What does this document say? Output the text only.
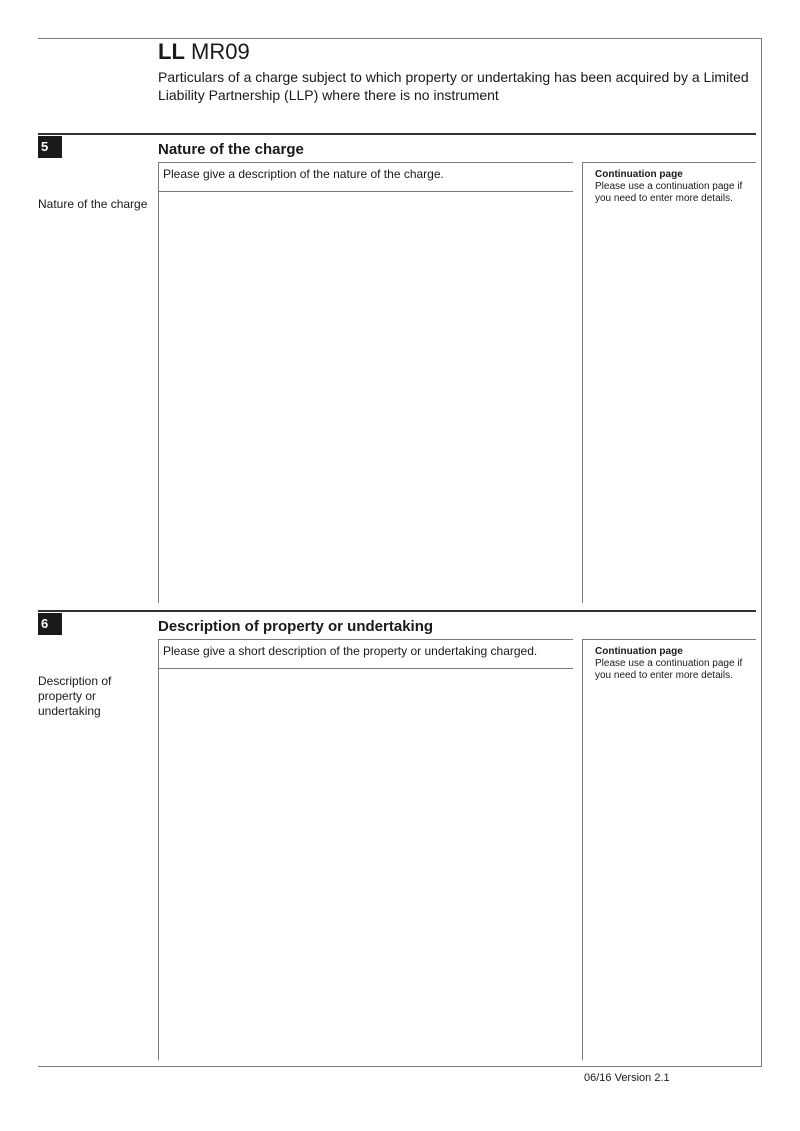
LL MR09
Particulars of a charge subject to which property or undertaking has been acquired by a Limited Liability Partnership (LLP) where there is no instrument
5	Nature of the charge
Please give a description of the nature of the charge.
Nature of the charge
Continuation page
Please use a continuation page if you need to enter more details.
6	Description of property or undertaking
Please give a short description of the property or undertaking charged.
Description of property or undertaking
Continuation page
Please use a continuation page if you need to enter more details.
06/16 Version 2.1
